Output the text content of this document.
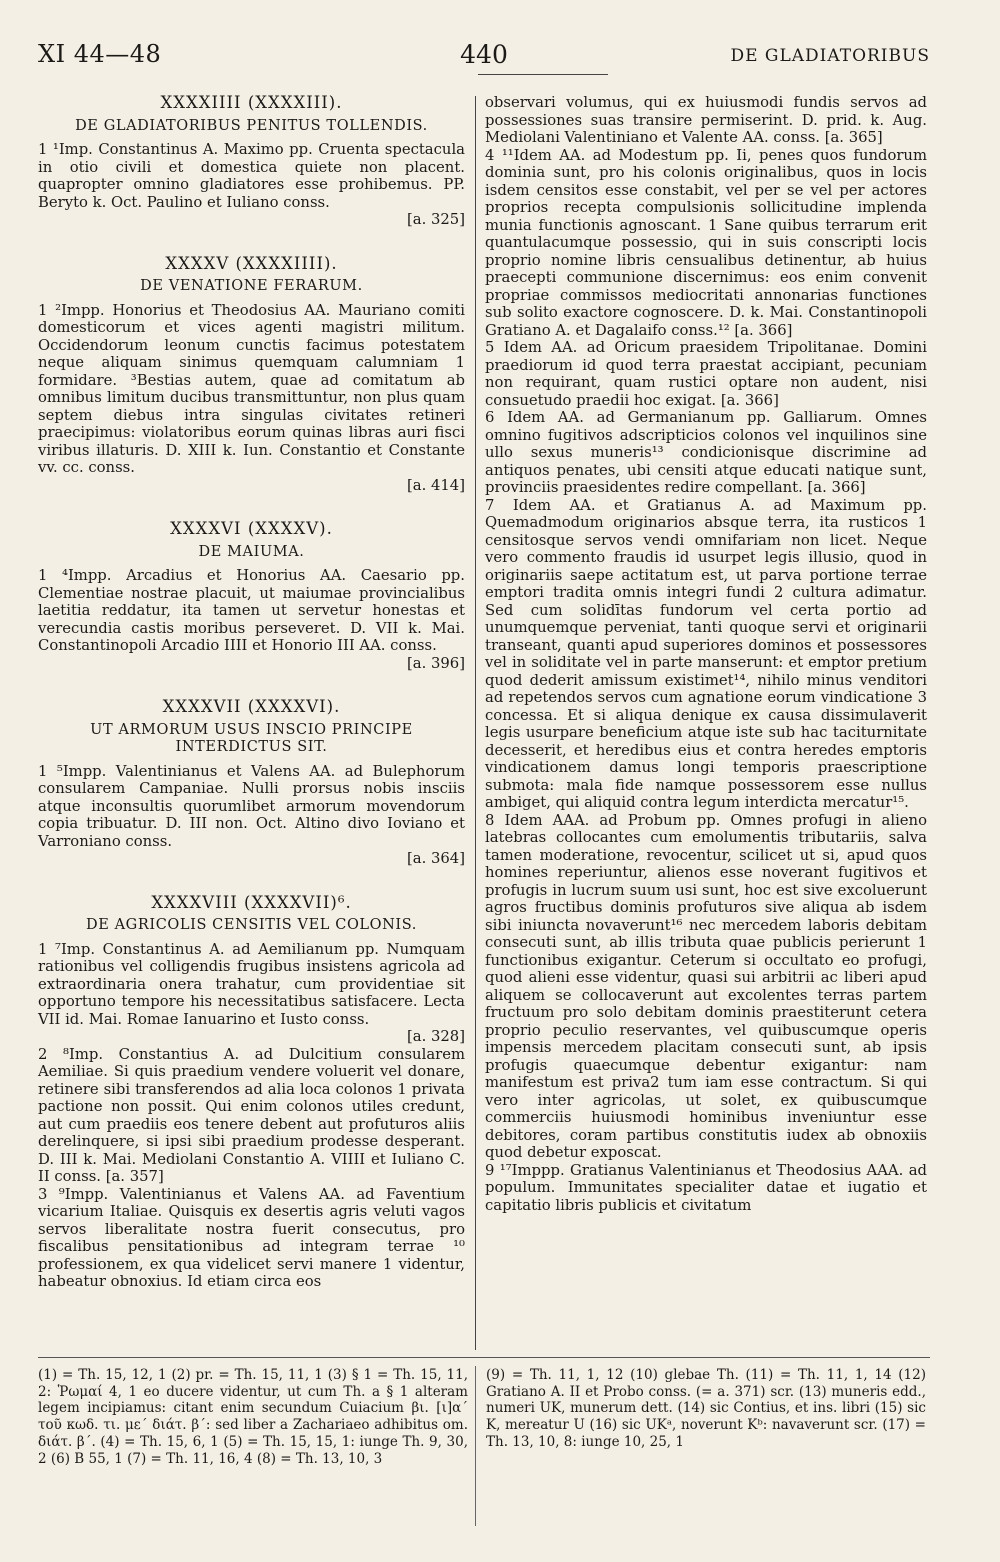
XI 44—48	440	DE GLADIATORIBUS
XXXXIIII (XXXXIII).
DE GLADIATORIBUS PENITUS TOLLENDIS.

1 ¹Imp. Constantinus A. Maximo pp. Cruenta spectacula in otio civili et domestica quiete non placent. quapropter omnino gladiatores esse prohibemus. PP. Beryto k. Oct. Paulino et Iuliano conss.

[a. 325]
XXXXV (XXXXIIII).
DE VENATIONE FERARUM.

1 ²Impp. Honorius et Theodosius AA. Mauriano comiti domesticorum et vices agenti magistri militum. Occidendorum leonum cunctis facimus potestatem neque aliquam sinimus quemquam calumniam 1 formidare. ³Bestias autem, quae ad comitatum ab omnibus limitum ducibus transmittuntur, non plus quam septem diebus intra singulas civitates retineri praecipimus: violatoribus eorum quinas libras auri fisci viribus illaturis. D. XIII k. Iun. Constantio et Constante vv. cc. conss.

[a. 414]
XXXXVI (XXXXV).
DE MAIUMA.

1 ⁴Impp. Arcadius et Honorius AA. Caesario pp. Clementiae nostrae placuit, ut maiumae provincialibus laetitia reddatur, ita tamen ut servetur honestas et verecundia castis moribus perseveret. D. VII k. Mai. Constantinopoli Arcadio IIII et Honorio III AA. conss.

[a. 396]
XXXXVII (XXXXVI).
UT ARMORUM USUS INSCIO PRINCIPE INTERDICTUS SIT.

1 ⁵Impp. Valentinianus et Valens AA. ad Bulephorum consularem Campaniae. Nulli prorsus nobis insciis atque inconsultis quorumlibet armorum movendorum copia tribuatur. D. III non. Oct. Altino divo Ioviano et Varroniano conss.

[a. 364]
XXXXVIII (XXXXVII)⁶.
DE AGRICOLIS CENSITIS VEL COLONIS.

1 ⁷Imp. Constantinus A. ad Aemilianum pp. Numquam rationibus vel colligendis frugibus insistens agricola ad extraordinaria onera trahatur, cum providentiae sit opportuno tempore his necessitatibus satisfacere. Lecta VII id. Mai. Romae Ianuarino et Iusto conss.

[a. 328]

2 ⁸Imp. Constantius A. ad Dulcitium consularem Aemiliae. Si quis praedium vendere voluerit vel donare, retinere sibi transferendos ad alia loca colonos 1 privata pactione non possit. Qui enim colonos utiles credunt, aut cum praediis eos tenere debent aut profuturos aliis derelinquere, si ipsi sibi praedium prodesse desperant. D. III k. Mai. Mediolani Constantio A. VIIII et Iuliano C. II conss. [a. 357]

3 ⁹Impp. Valentinianus et Valens AA. ad Faventium vicarium Italiae. Quisquis ex desertis agris veluti vagos servos liberalitate nostra fuerit consecutus, pro fiscalibus pensitationibus ad integram terrae ¹⁰ professionem, ex qua videlicet servi manere 1 videntur, habeatur obnoxius. Id etiam circa eos

observari volumus, qui ex huiusmodi fundis servos ad possessiones suas transire permiserint. D. prid. k. Aug. Mediolani Valentiniano et Valente AA. conss. [a. 365]

4 ¹¹Idem AA. ad Modestum pp. Ii, penes quos fundorum dominia sunt, pro his colonis originalibus, quos in locis isdem censitos esse constabit, vel per se vel per actores proprios recepta compulsionis sollicitudine implenda munia functionis agnoscant. 1 Sane quibus terrarum erit quantulacumque possessio, qui in suis conscripti locis proprio nomine libris censualibus detinentur, ab huius praecepti communione discernimus: eos enim convenit propriae commissos mediocritati annonarias functiones sub solito exactore cognoscere. D. k. Mai. Constantinopoli Gratiano A. et Dagalaifo conss.¹² [a. 366]

5 Idem AA. ad Oricum praesidem Tripolitanae. Domini praediorum id quod terra praestat accipiant, pecuniam non requirant, quam rustici optare non audent, nisi consuetudo praedii hoc exigat. [a. 366]

6 Idem AA. ad Germanianum pp. Galliarum. Omnes omnino fugitivos adscripticios colonos vel inquilinos sine ullo sexus muneris¹³ condicionisque discrimine ad antiquos penates, ubi censiti atque educati natique sunt, provinciis praesidentes redire compellant. [a. 366]

7 Idem AA. et Gratianus A. ad Maximum pp. Quemadmodum originarios absque terra, ita rusticos 1 censitosque servos vendi omnifariam non licet. Neque vero commento fraudis id usurpet legis illusio, quod in originariis saepe actitatum est, ut parva portione terrae emptori tradita omnis integri fundi 2 cultura adimatur. Sed cum solidītas fundorum vel certa portio ad unumquemque perveniat, tanti quoque servi et originarii transeant, quanti apud superiores dominos et possessores vel in soliditate vel in parte manserunt: et emptor pretium quod dederit amissum existimet¹⁴, nihilo minus venditori ad repetendos servos cum agnatione eorum vindicatione 3 concessa. Et si aliqua denique ex causa dissimulaverit legis usurpare beneficium atque iste sub hac taciturnitate decesserit, et heredibus eius et contra heredes emptoris vindicationem damus longi temporis praescriptione submota: mala fide namque possessorem esse nullus ambiget, qui aliquid contra legum interdicta mercatur¹⁵.

8 Idem AAA. ad Probum pp. Omnes profugi in alieno latebras collocantes cum emolumentis tributariis, salva tamen moderatione, revocentur, scilicet ut si, apud quos homines reperiuntur, alienos esse noverant fugitivos et profugis in lucrum suum usi sunt, hoc est sive excoluerunt agros fructibus dominis profuturos sive aliqua ab isdem sibi iniuncta novaverunt¹⁶ nec mercedem laboris debitam consecuti sunt, ab illis tributa quae publicis perierunt 1 functionibus exigantur. Ceterum si occultato eo profugi, quod alieni esse videntur, quasi sui arbitrii ac liberi apud aliquem se collocaverunt aut excolentes terras partem fructuum pro solo debitam dominis praestiterunt cetera proprio peculio reservantes, vel quibuscumque operis impensis mercedem placitam consecuti sunt, ab ipsis profugis quaecumque debentur exigantur: nam manifestum est priva2 tum iam esse contractum. Si qui vero inter agricolas, ut solet, ex quibuscumque commerciis huiusmodi hominibus inveniuntur esse debitores, coram partibus constitutis iudex ab obnoxiis quod debetur exposcat.

9 ¹⁷Imppp. Gratianus Valentinianus et Theodosius AAA. ad populum. Immunitates specialiter datae et iugatio et capitatio libris publicis et civitatum

(1) = Th. 15, 12, 1 (2) pr. = Th. 15, 11, 1 (3) § 1 = Th. 15, 11, 2: Ῥωμαί 4, 1 eo ducere videntur, ut cum Th. a § 1 alteram legem incipiamus: citant enim secundum Cuiacium βι. [ι]α΄ τοῦ κωδ. τι. με΄ διάτ. β΄: sed liber a Zachariaeo adhibitus om. διάτ. β΄. (4) = Th. 15, 6, 1 (5) = Th. 15, 15, 1: iunge Th. 9, 30, 2 (6) B 55, 1 (7) = Th. 11, 16, 4 (8) = Th. 13, 10, 3
(9) = Th. 11, 1, 12 (10) glebae Th. (11) = Th. 11, 1, 14 (12) Gratiano A. II et Probo conss. (= a. 371) scr. (13) muneris edd., numeri UK, munerum dett. (14) sic Contius, et ins. libri (15) sic K, mereatur U (16) sic UKᵃ, noverunt Kᵇ: navaverunt scr. (17) = Th. 13, 10, 8: iunge 10, 25, 1
